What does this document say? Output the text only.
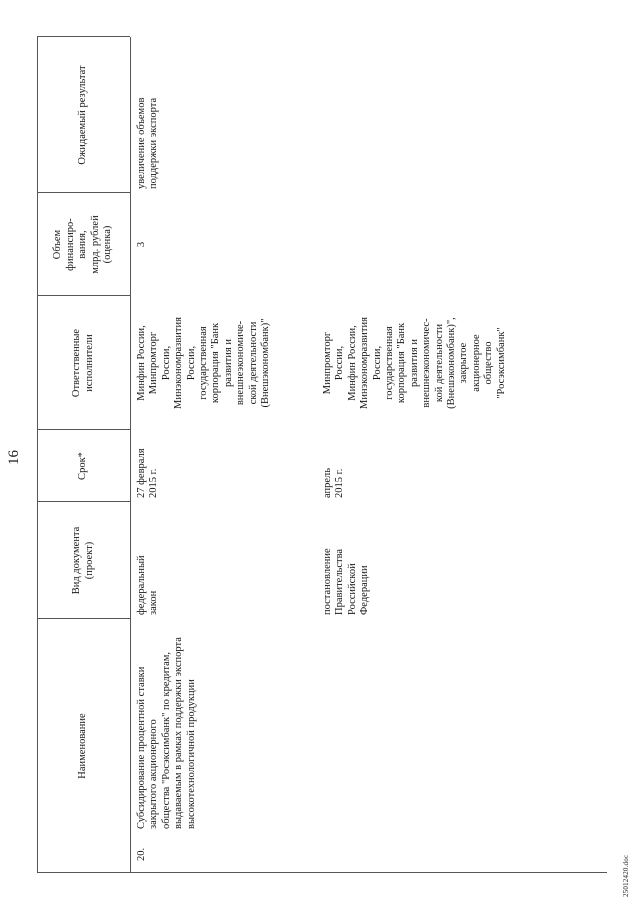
16
Наименование
Вид документа
(проект)
Срок*
Ответственные
исполнители
Объем
финансиро-
вания,
млрд. рублей
(оценка)
Ожидаемый результат
20.
Субсидирование процентной ставки
закрытого акционерного
общества "Росэксимбанк" по кредитам,
выдаваемым в рамках поддержки экспорта
высокотехнологичной продукции
федеральный
закон
27 февраля
2015 г.
Минфин России,
Минпромторг
России,
Минэкономразвития
России,
государственная
корпорация "Банк
развития и
внешнеэкономиче-
ской деятельности
(Внешэкономбанк)"
постановление
Правительства
Российской
Федерации
апрель
2015 г.
Минпромторг
России,
Минфин России,
Минэкономразвития
России,
государственная
корпорация "Банк
развития и
внешнеэкономичес-
кой деятельности
(Внешэкономбанк)",
закрытое
акционерное
общество
"Росэксимбанк"
3
увеличение объемов
поддержки экспорта
25012420.doc
